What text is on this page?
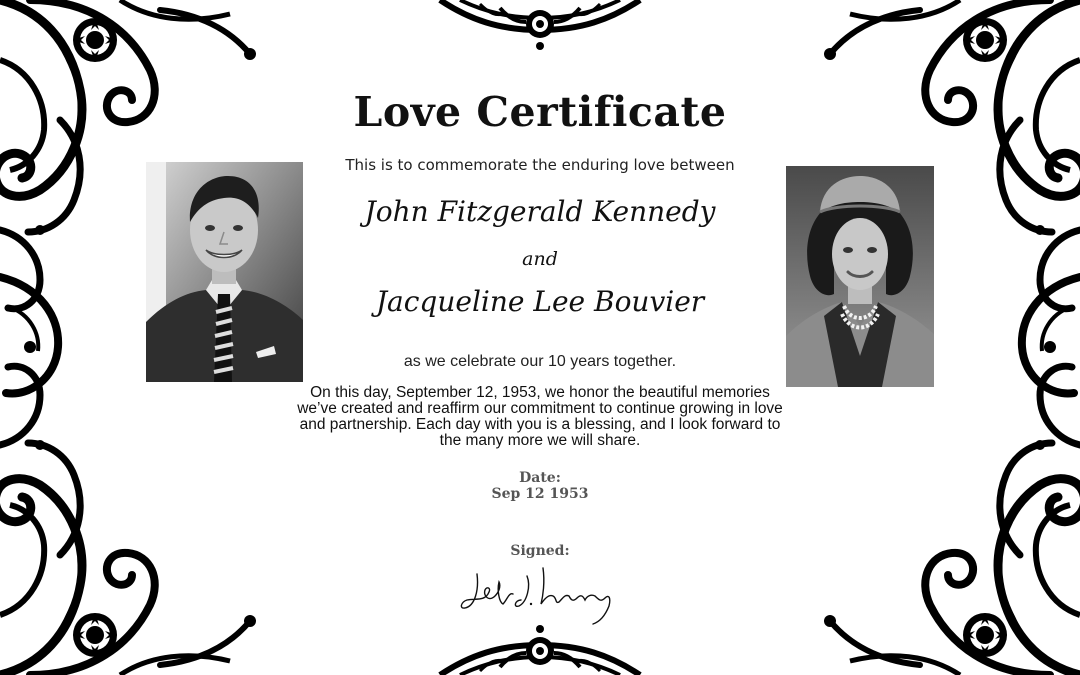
Love Certificate
This is to commemorate the enduring love between
John Fitzgerald Kennedy
and
Jacqueline Lee Bouvier
as we celebrate our 10 years together.
On this day, September 12, 1953, we honor the beautiful memories we’ve created and reaffirm our commitment to continue growing in love and partnership. Each day with you is a blessing, and I look forward to the many more we will share.
Date:
Sep 12 1953
Signed:
